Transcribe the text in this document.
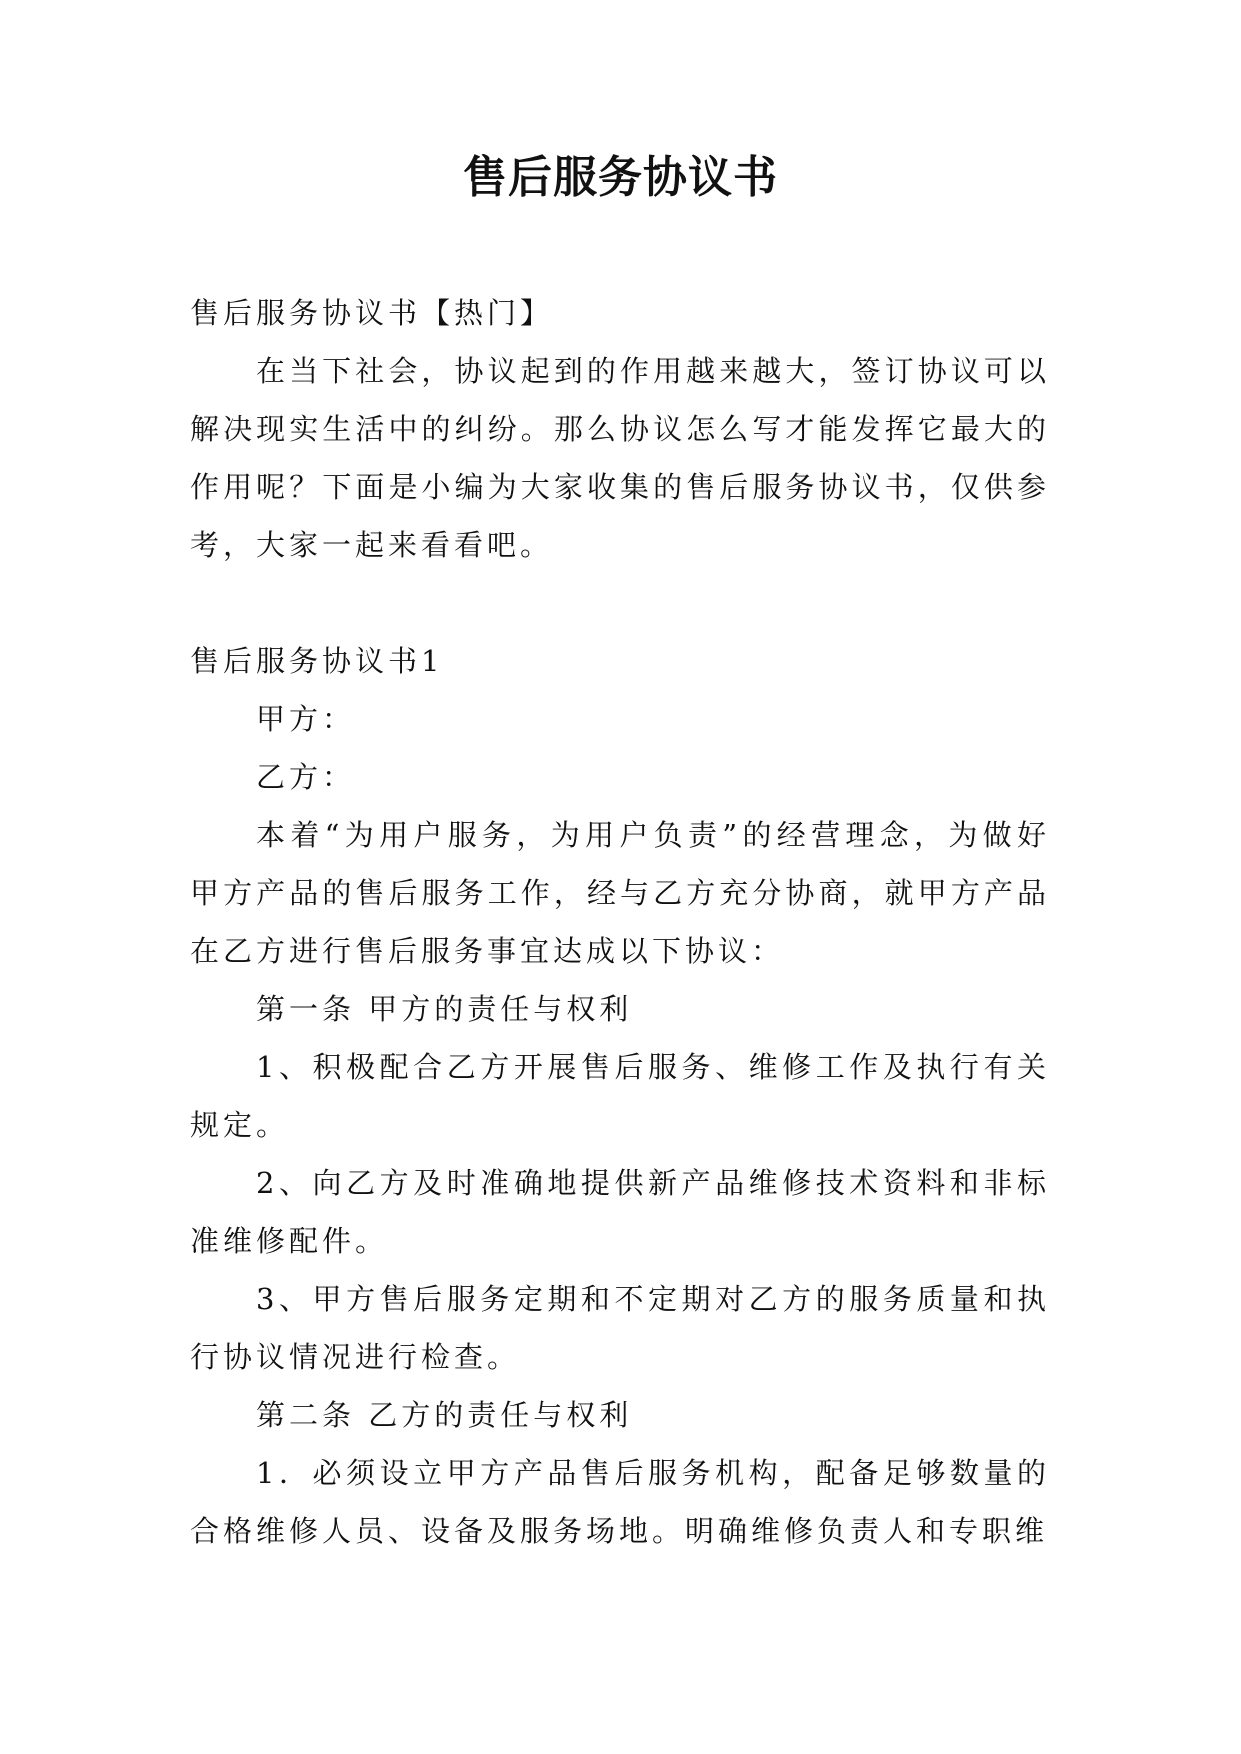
售后服务协议书

售后服务协议书【热门】

在当下社会，协议起到的作用越来越大，签订协议可以解决现实生活中的纠纷。那么协议怎么写才能发挥它最大的作用呢？下面是小编为大家收集的售后服务协议书，仅供参考，大家一起来看看吧。

售后服务协议书1

甲方：

乙方：

本着“为用户服务，为用户负责”的经营理念，为做好甲方产品的售后服务工作，经与乙方充分协商，就甲方产品在乙方进行售后服务事宜达成以下协议：

第一条 甲方的责任与权利

1、积极配合乙方开展售后服务、维修工作及执行有关规定。

2、向乙方及时准确地提供新产品维修技术资料和非标准维修配件。

3、甲方售后服务定期和不定期对乙方的服务质量和执行协议情况进行检查。

第二条 乙方的责任与权利

1．必须设立甲方产品售后服务机构，配备足够数量的合格维修人员、设备及服务场地。明确维修负责人和专职维
